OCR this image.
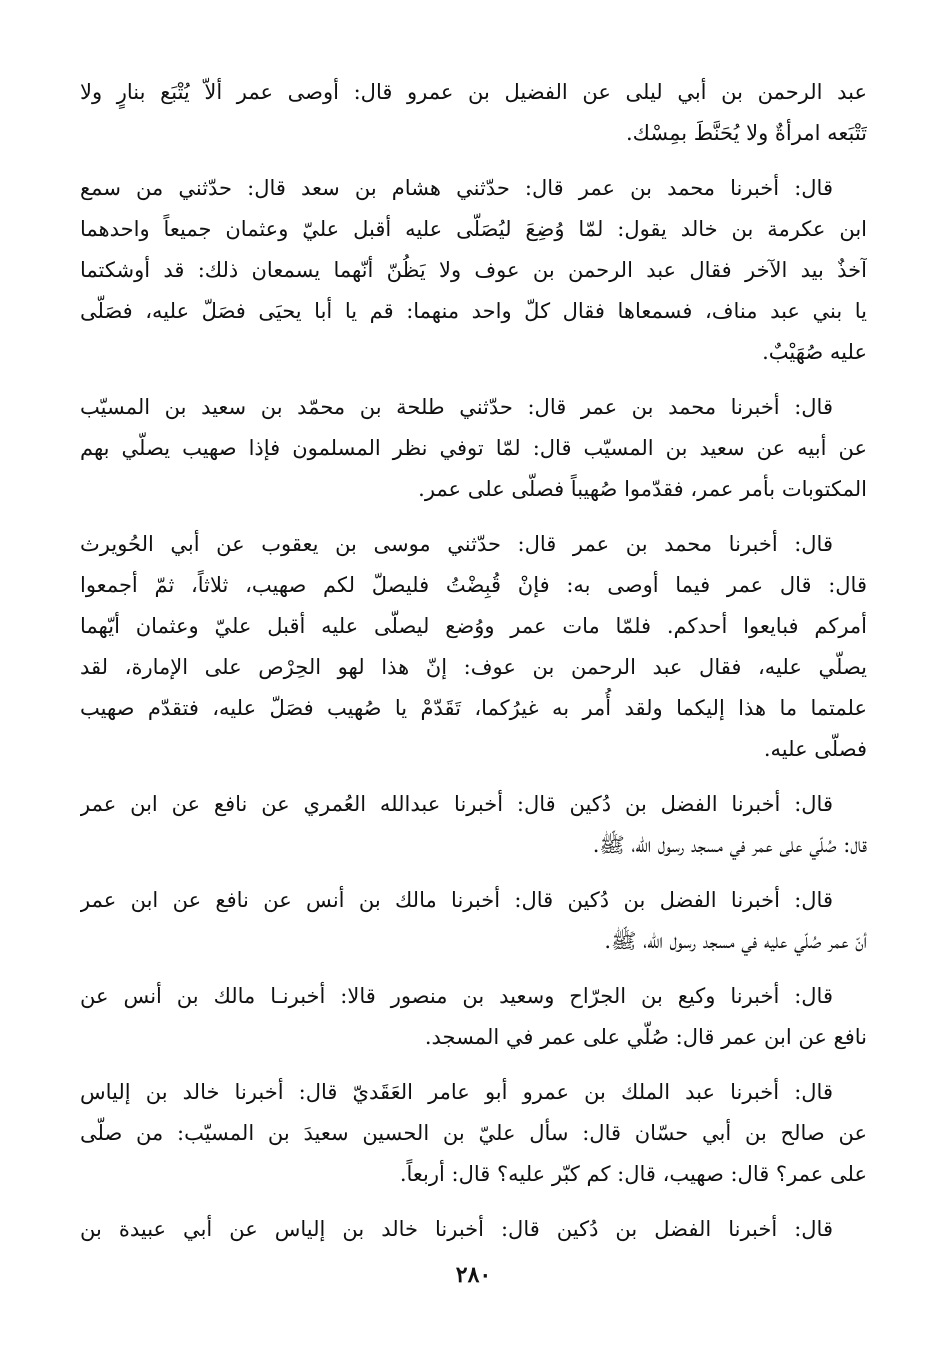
عبد الرحمن بن أبي ليلى عن الفضيل بن عمرو قال: أوصى عمر ألاّ يُتْبَع بنارٍ ولا
تَتْبَعه امرأةٌ ولا يُحَنَّطَ بمِسْك.
قال: أخبرنا محمد بن عمر قال: حدّثني هشام بن سعد قال: حدّثني من سمع
ابن عكرمة بن خالد يقول: لمّا وُضِعَ ليُصَلّى عليه أقبل عليّ وعثمان جميعاً واحدهما
آخذٌ بيد الآخر فقال عبد الرحمن بن عوف ولا يَظُنّ أنّهما يسمعان ذلك: قد أوشكتما
يا بني عبد مناف، فسمعاها فقال كلّ واحد منهما: قم يا أبا يحيَى فصَلّ عليه، فصَلّى
عليه صُهَيْبٌ.
قال: أخبرنا محمد بن عمر قال: حدّثني طلحة بن محمّد بن سعيد بن المسيّب
عن أبيه عن سعيد بن المسيّب قال: لمّا توفي نظر المسلمون فإذا صهيب يصلّي بهم
المكتوبات بأمر عمر، فقدّموا صُهيباً فصلّى على عمر.
قال: أخبرنا محمد بن عمر قال: حدّثني موسى بن يعقوب عن أبي الحُويرث
قال: قال عمر فيما أوصى به: فإنْ قُبِضْتُ فليصلّ لكم صهيب، ثلاثاً، ثمّ أجمعوا
أمركم فبايعوا أحدكم. فلمّا مات عمر ووُضع ليصلّى عليه أقبل عليّ وعثمان أيّهما
يصلّي عليه، فقال عبد الرحمن بن عوف: إنّ هذا لهو الحِرْص على الإمارة، لقد
علمتما ما هذا إليكما ولقد أُمر به غيرُكما، تَقَدّمْ يا صُهيب فصَلّ عليه، فتقدّم صهيب
فصلّى عليه.
قال: أخبرنا الفضل بن دُكين قال: أخبرنا عبدالله العُمري عن نافع عن ابن عمر
قال: صُلّي على عمر في مسجد رسول الله، ﷺ.
قال: أخبرنا الفضل بن دُكين قال: أخبرنا مالك بن أنس عن نافع عن ابن عمر
أنّ عمر صُلّي عليه في مسجد رسول الله، ﷺ.
قال: أخبرنا وكيع بن الجرّاح وسعيد بن منصور قالا: أخبرنـا مالك بن أنس عن
نافع عن ابن عمر قال: صُلّي على عمر في المسجد.
قال: أخبرنا عبد الملك بن عمرو أبو عامر العَقَديّ قال: أخبرنا خالد بن إلياس
عن صالح بن أبي حسّان قال: سأل عليّ بن الحسين سعيدَ بن المسيّب: من صلّى
على عمر؟ قال: صهيب، قال: كم كبّر عليه؟ قال: أربعاً.
قال: أخبرنا الفضل بن دُكين قال: أخبرنا خالد بن إلياس عن أبي عبيدة بن
٢٨٠
